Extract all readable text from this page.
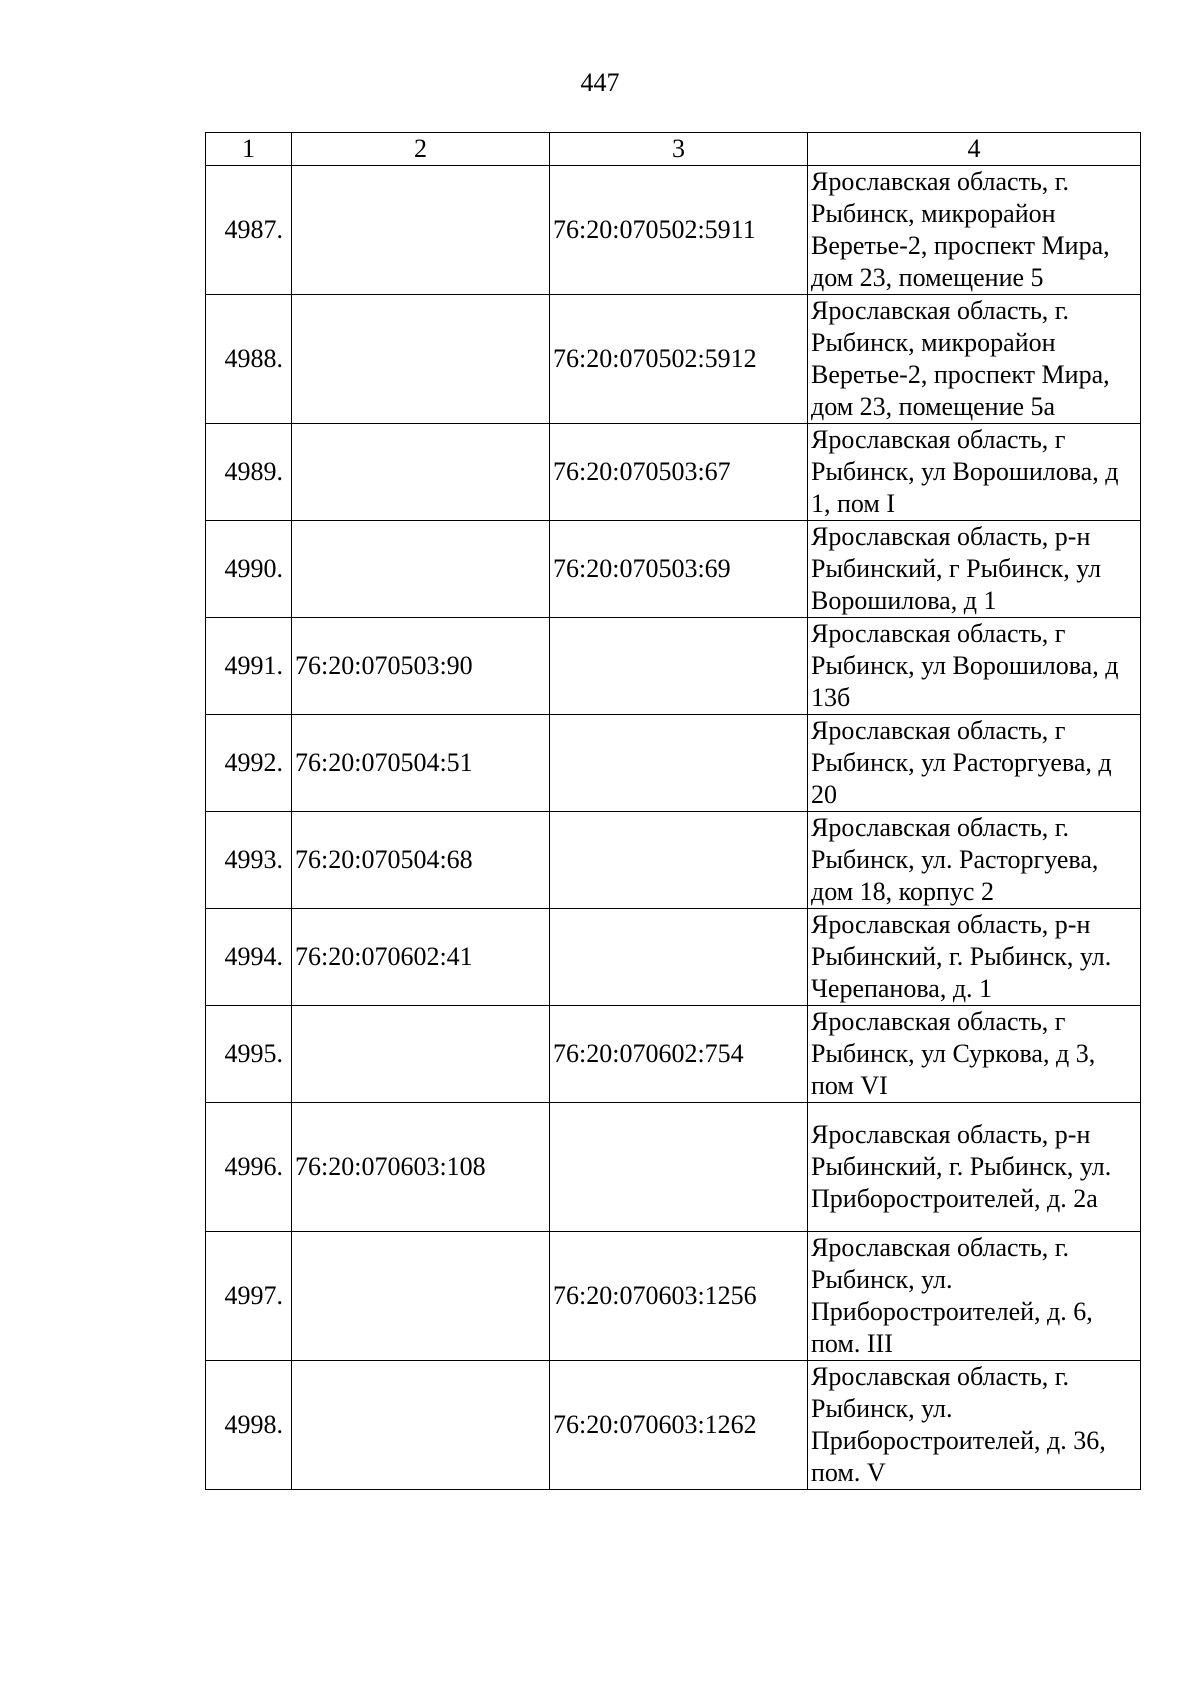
447
1	2	3	4
4987.		76:20:070502:5911	Ярославская область, г. Рыбинск, микрорайон Веретье-2, проспект Мира, дом 23, помещение 5
4988.		76:20:070502:5912	Ярославская область, г. Рыбинск, микрорайон Веретье-2, проспект Мира, дом 23, помещение 5а
4989.		76:20:070503:67	Ярославская область, г Рыбинск, ул Ворошилова, д 1, пом I
4990.		76:20:070503:69	Ярославская область, р-н Рыбинский, г Рыбинск, ул Ворошилова, д 1
4991.	76:20:070503:90		Ярославская область, г Рыбинск, ул Ворошилова, д 13б
4992.	76:20:070504:51		Ярославская область, г Рыбинск, ул Расторгуева, д 20
4993.	76:20:070504:68		Ярославская область, г. Рыбинск, ул. Расторгуева, дом 18, корпус 2
4994.	76:20:070602:41		Ярославская область, р-н Рыбинский, г. Рыбинск, ул. Черепанова, д. 1
4995.		76:20:070602:754	Ярославская область, г Рыбинск, ул Суркова, д 3, пом VI
4996.	76:20:070603:108		Ярославская область, р-н Рыбинский, г. Рыбинск, ул. Приборостроителей, д. 2а
4997.		76:20:070603:1256	Ярославская область, г. Рыбинск, ул. Приборостроителей, д. 6, пом. III
4998.		76:20:070603:1262	Ярославская область, г. Рыбинск, ул. Приборостроителей, д. 36, пом. V
